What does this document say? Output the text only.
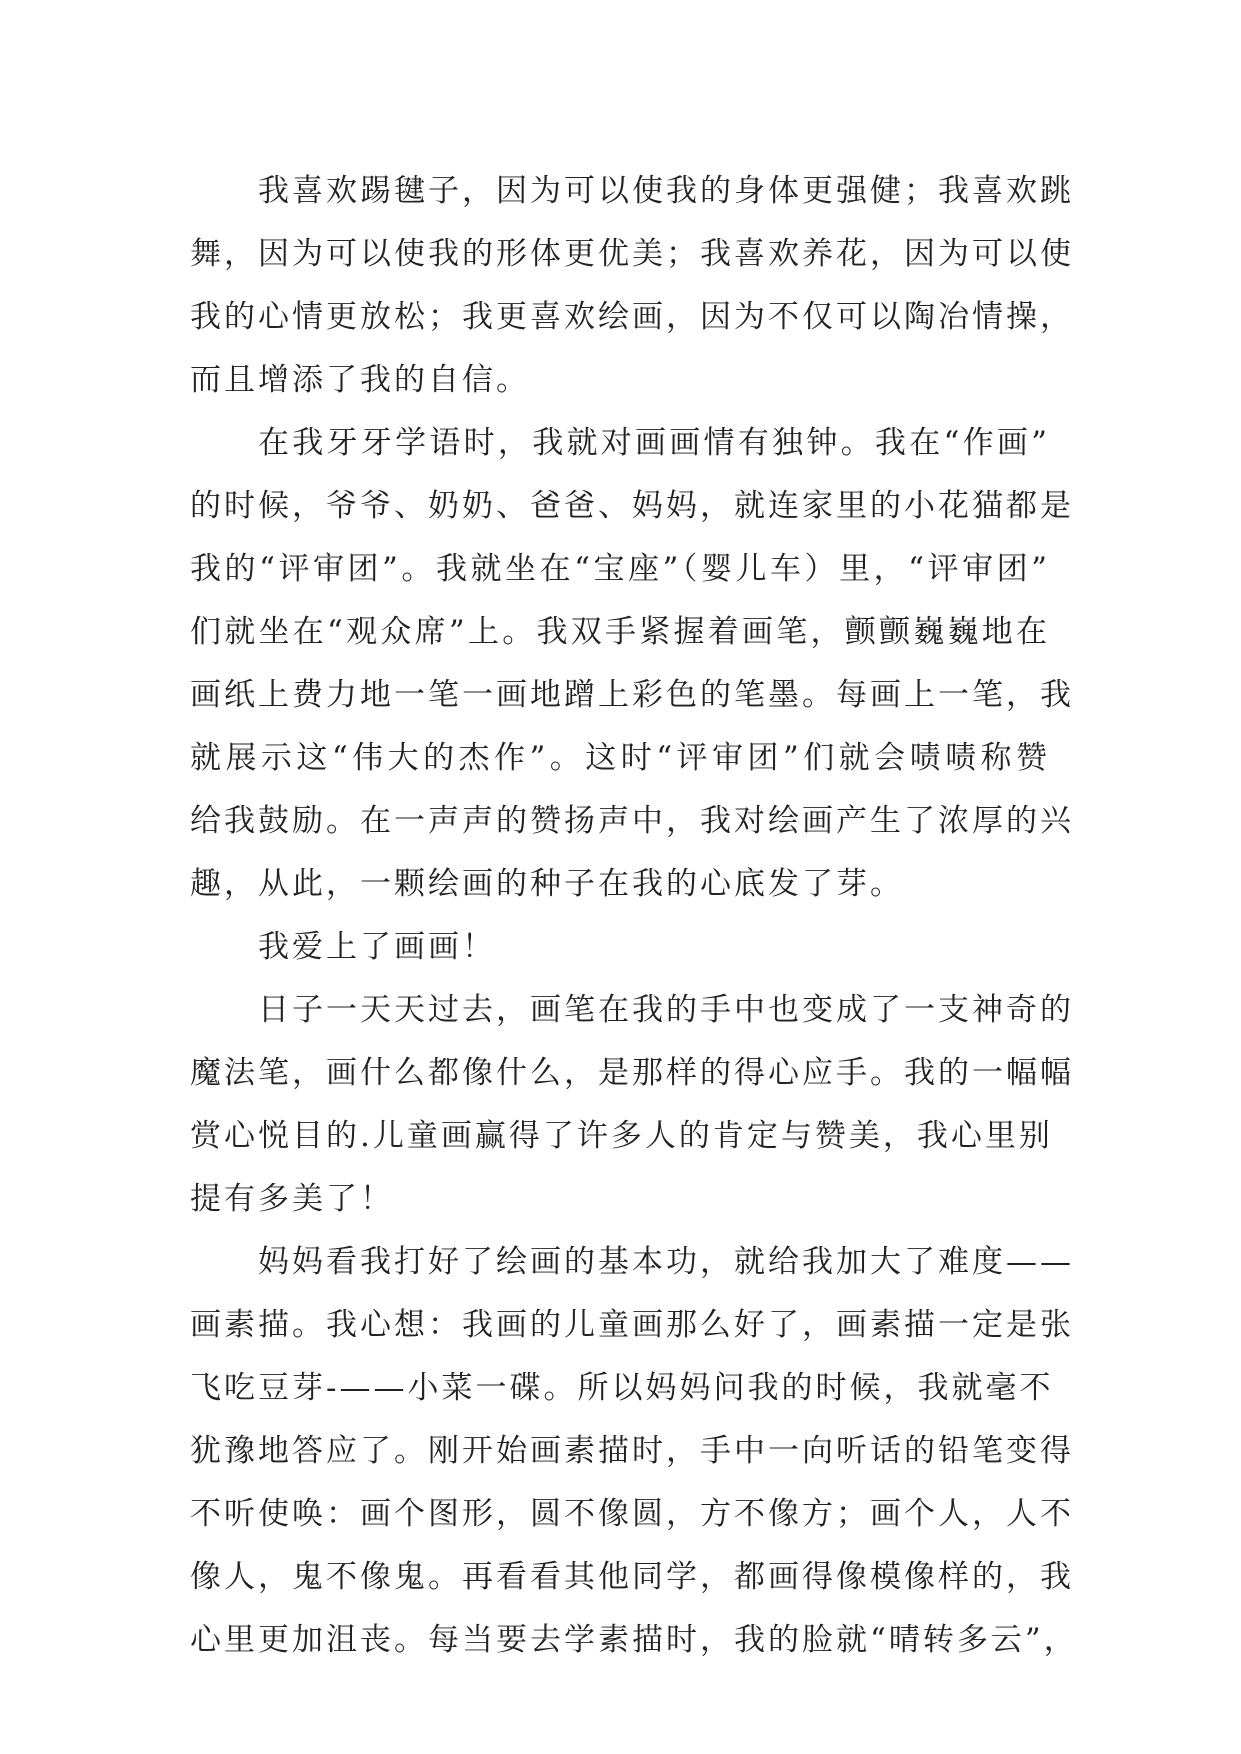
我喜欢踢毽子，因为可以使我的身体更强健；我喜欢跳
舞，因为可以使我的形体更优美；我喜欢养花，因为可以使
我的心情更放松；我更喜欢绘画，因为不仅可以陶冶情操，
而且增添了我的自信。
在我牙牙学语时，我就对画画情有独钟。我在“作画”
的时候，爷爷、奶奶、爸爸、妈妈，就连家里的小花猫都是
我的“评审团”。我就坐在“宝座”（婴儿车）里，“评审团”
们就坐在“观众席”上。我双手紧握着画笔，颤颤巍巍地在
画纸上费力地一笔一画地蹭上彩色的笔墨。每画上一笔，我
就展示这“伟大的杰作”。这时“评审团”们就会啧啧称赞
给我鼓励。在一声声的赞扬声中，我对绘画产生了浓厚的兴
趣，从此，一颗绘画的种子在我的心底发了芽。
我爱上了画画！
日子一天天过去，画笔在我的手中也变成了一支神奇的
魔法笔，画什么都像什么，是那样的得心应手。我的一幅幅
赏心悦目的.儿童画赢得了许多人的肯定与赞美，我心里别
提有多美了！
妈妈看我打好了绘画的基本功，就给我加大了难度——
画素描。我心想：我画的儿童画那么好了，画素描一定是张
飞吃豆芽-——小菜一碟。所以妈妈问我的时候，我就毫不
犹豫地答应了。刚开始画素描时，手中一向听话的铅笔变得
不听使唤：画个图形，圆不像圆，方不像方；画个人，人不
像人，鬼不像鬼。再看看其他同学，都画得像模像样的，我
心里更加沮丧。每当要去学素描时，我的脸就“晴转多云”，
